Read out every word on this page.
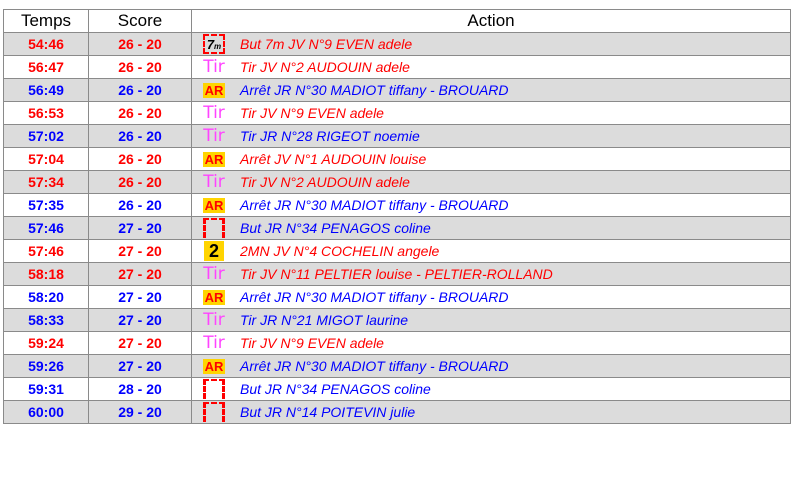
Temps	Score	Action
54:46	26 - 20	7 m But 7m JV N°9 EVEN adele

56:47	26 - 20	Tir Tir JV N°2 AUDOUIN adele

56:49	26 - 20	AR Arrêt JR N°30 MADIOT tiffany - BROUARD

56:53	26 - 20	Tir Tir JV N°9 EVEN adele

57:02	26 - 20	Tir Tir JR N°28 RIGEOT noemie

57:04	26 - 20	AR Arrêt JV N°1 AUDOUIN louise

57:34	26 - 20	Tir Tir JV N°2 AUDOUIN adele

57:35	26 - 20	AR Arrêt JR N°30 MADIOT tiffany - BROUARD

57:46	27 - 20	But JR N°34 PENAGOS coline

57:46	27 - 20	2 2MN JV N°4 COCHELIN angele

58:18	27 - 20	Tir Tir JV N°11 PELTIER louise - PELTIER-ROLLAND

58:20	27 - 20	AR Arrêt JR N°30 MADIOT tiffany - BROUARD

58:33	27 - 20	Tir Tir JR N°21 MIGOT laurine

59:24	27 - 20	Tir Tir JV N°9 EVEN adele

59:26	27 - 20	AR Arrêt JR N°30 MADIOT tiffany - BROUARD

59:31	28 - 20	But JR N°34 PENAGOS coline

60:00	29 - 20	But JR N°14 POITEVIN julie
